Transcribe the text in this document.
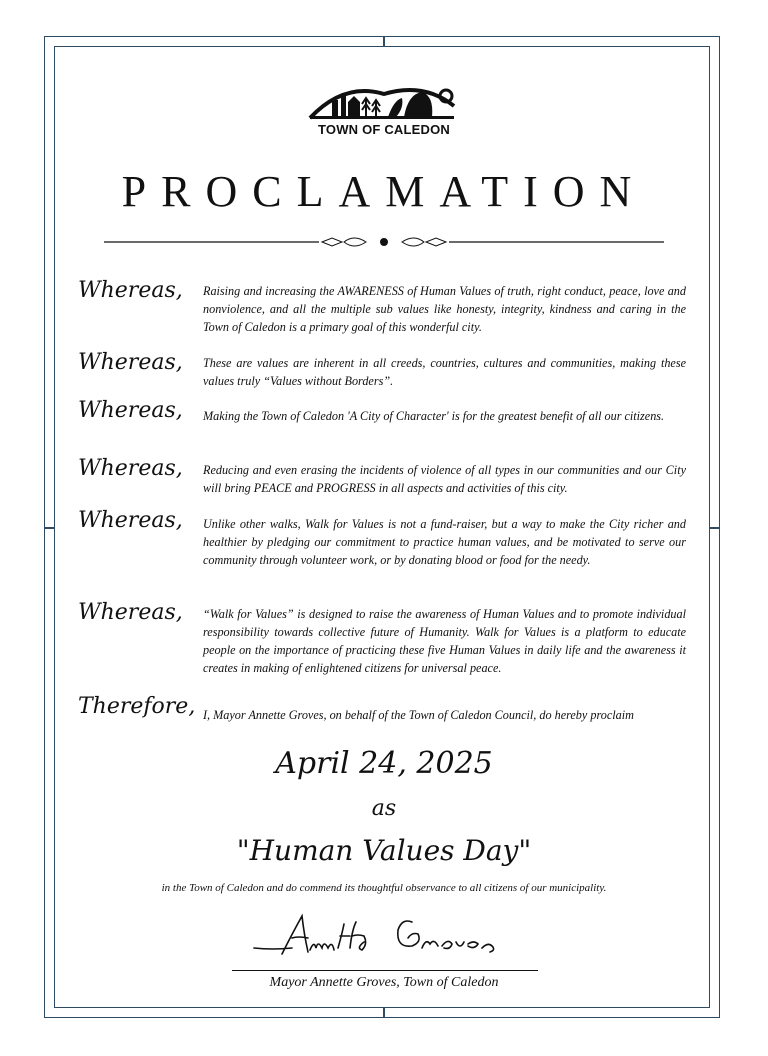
TOWN OF CALEDON
PROCLAMATION
Whereas, Raising and increasing the AWARENESS of Human Values of truth, right conduct, peace, love and nonviolence, and all the multiple sub values like honesty, integrity, kindness and caring in the Town of Caledon is a primary goal of this wonderful city.

Whereas, These are values are inherent in all creeds, countries, cultures and communities, making these values truly “Values without Borders”.

Whereas, Making the Town of Caledon 'A City of Character' is for the greatest benefit of all our citizens.

Whereas, Reducing and even erasing the incidents of violence of all types in our communities and our City will bring PEACE and PROGRESS in all aspects and activities of this city.

Whereas, Unlike other walks, Walk for Values is not a fund-raiser, but a way to make the City richer and healthier by pledging our commitment to practice human values, and be motivated to serve our community through volunteer work, or by donating blood or food for the needy.

Whereas, “Walk for Values” is designed to raise the awareness of Human Values and to promote individual responsibility towards collective future of Humanity. Walk for Values is a platform to educate people on the importance of practicing these five Human Values in daily life and the awareness it creates in making of enlightened citizens for universal peace.

Therefore, I, Mayor Annette Groves, on behalf of the Town of Caledon Council, do hereby proclaim

April 24, 2025
as
"Human Values Day"
in the Town of Caledon and do commend its thoughtful observance to all citizens of our municipality.
Mayor Annette Groves, Town of Caledon
